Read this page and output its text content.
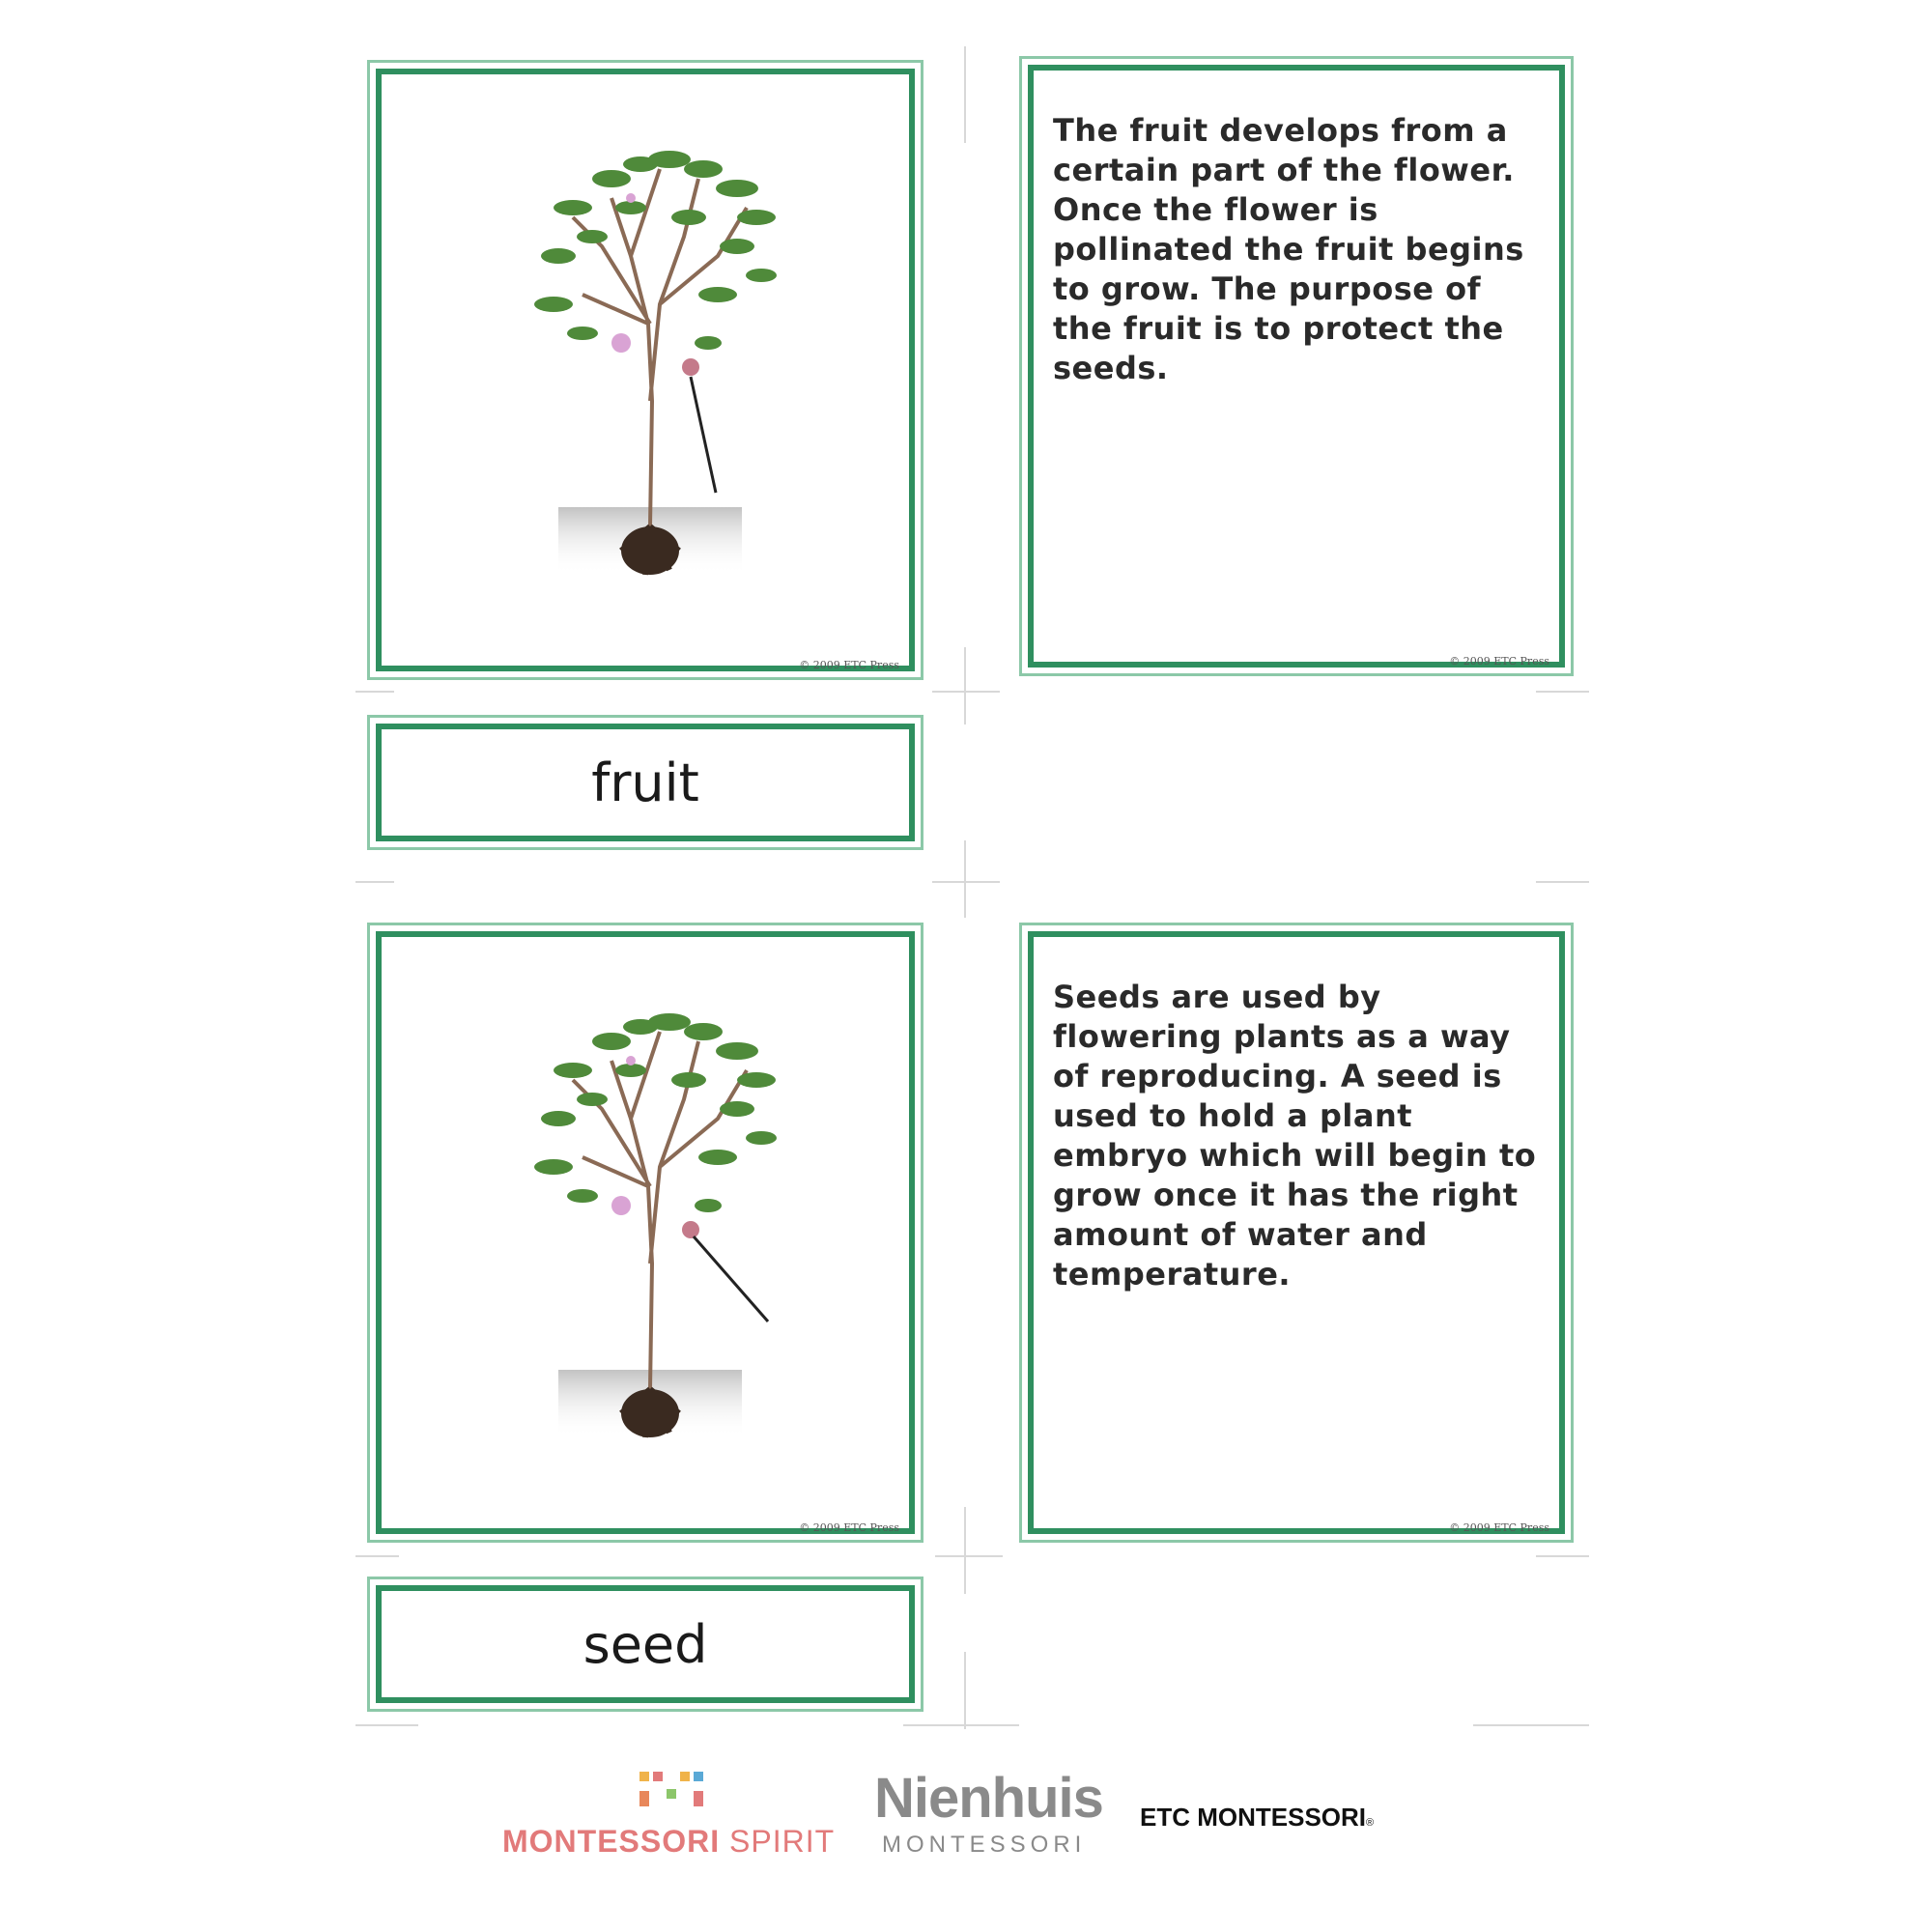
© 2009 ETC Press
The fruit develops from a certain part of the flower. Once the flower is pollinated the fruit begins to grow. The purpose of the fruit is to protect the seeds.
© 2009 ETC Press
fruit
© 2009 ETC Press
Seeds are used by flowering plants as a way of reproducing. A seed is used to hold a plant embryo which will begin to grow once it has the right amount of water and temperature.
© 2009 ETC Press
seed
MONTESSORI SPIRIT
Nienhuis
MONTESSORI
ETC MONTESSORI®
